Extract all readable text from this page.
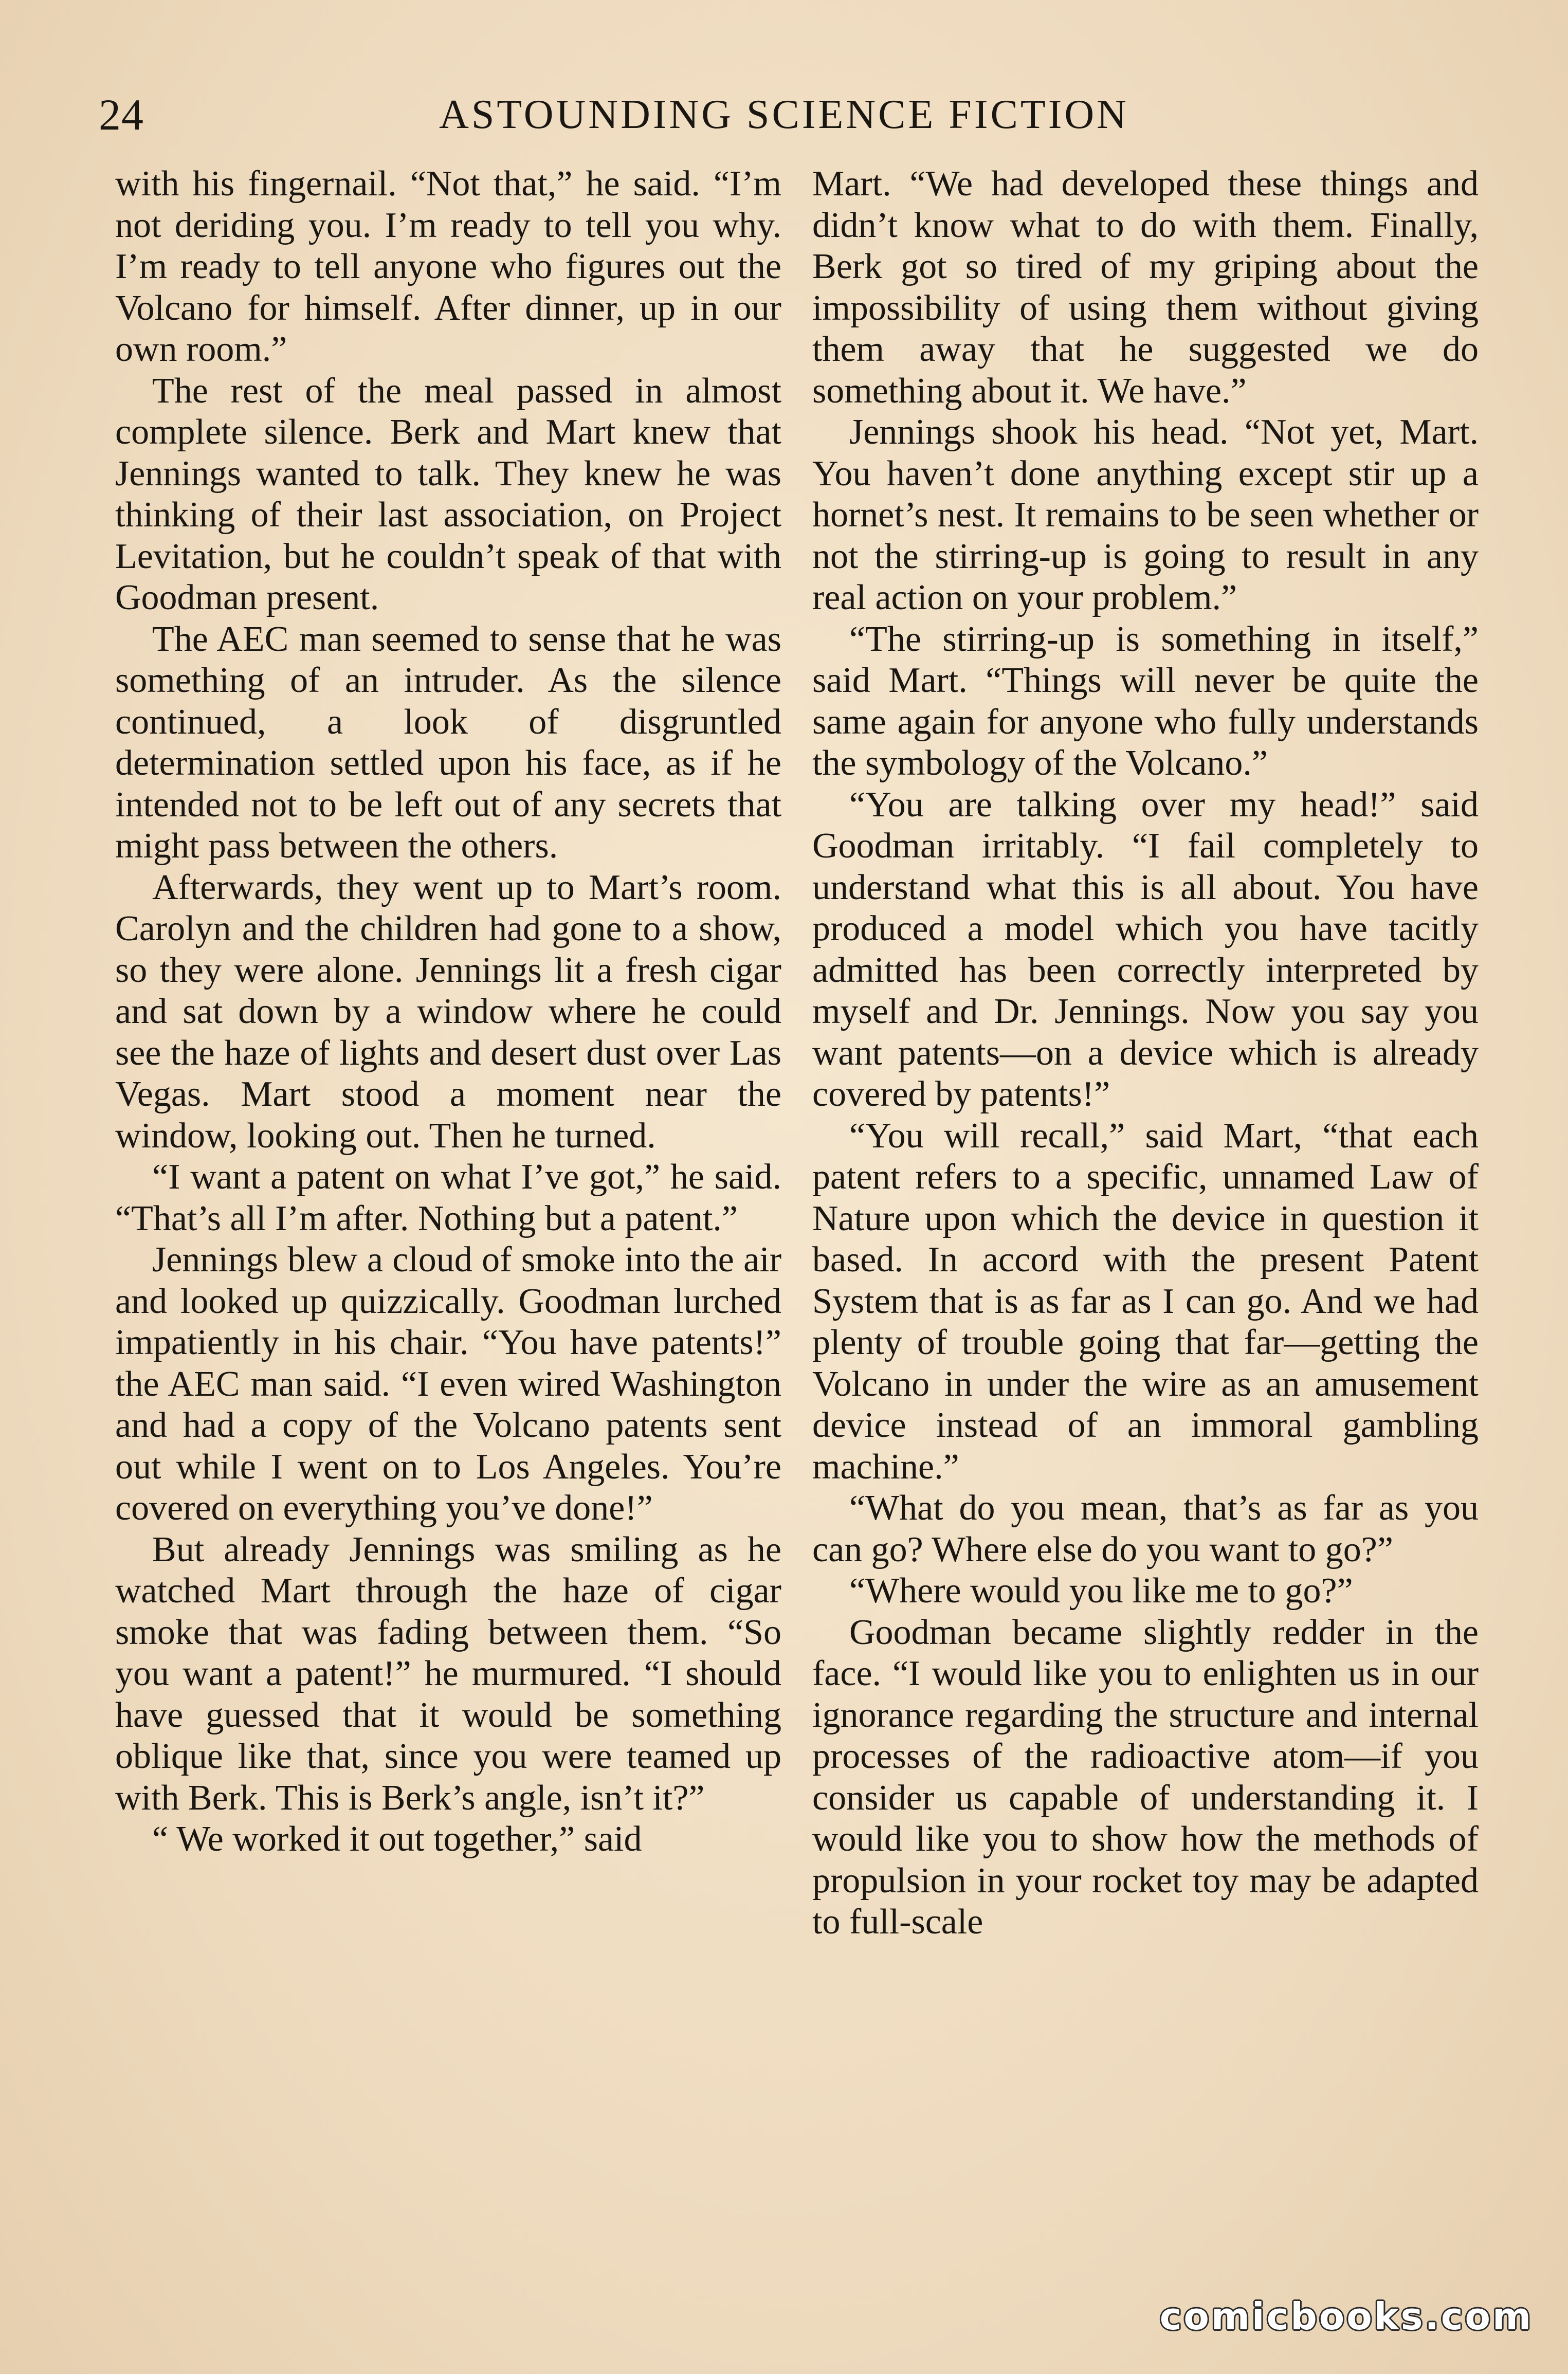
24	ASTOUNDING SCIENCE FICTION

with his fingernail. “Not that,” he said. “I’m not deriding you. I’m ready to tell you why. I’m ready to tell anyone who figures out the Volcano for himself. After dinner, up in our own room.”

The rest of the meal passed in almost complete silence. Berk and Mart knew that Jennings wanted to talk. They knew he was thinking of their last association, on Project Levitation, but he couldn’t speak of that with Goodman present.

The AEC man seemed to sense that he was something of an intruder. As the silence continued, a look of disgruntled determination settled upon his face, as if he intended not to be left out of any secrets that might pass between the others.

Afterwards, they went up to Mart’s room. Carolyn and the children had gone to a show, so they were alone. Jennings lit a fresh cigar and sat down by a window where he could see the haze of lights and desert dust over Las Vegas. Mart stood a moment near the window, looking out. Then he turned.

“I want a patent on what I’ve got,” he said. “That’s all I’m after. Nothing but a patent.”

Jennings blew a cloud of smoke into the air and looked up quizzically. Goodman lurched impatiently in his chair. “You have patents!” the AEC man said. “I even wired Washington and had a copy of the Volcano patents sent out while I went on to Los Angeles. You’re covered on everything you’ve done!”

But already Jennings was smiling as he watched Mart through the haze of cigar smoke that was fading between them. “So you want a patent!” he murmured. “I should have guessed that it would be something oblique like that, since you were teamed up with Berk. This is Berk’s angle, isn’t it?”

“ We worked it out together,” said

Mart. “We had developed these things and didn’t know what to do with them. Finally, Berk got so tired of my griping about the impossibility of using them without giving them away that he suggested we do something about it. We have.”

Jennings shook his head. “Not yet, Mart. You haven’t done anything except stir up a hornet’s nest. It remains to be seen whether or not the stirring-up is going to result in any real action on your problem.”

“The stirring-up is something in itself,” said Mart. “Things will never be quite the same again for anyone who fully understands the symbology of the Volcano.”

“You are talking over my head!” said Goodman irritably. “I fail completely to understand what this is all about. You have produced a model which you have tacitly admitted has been correctly interpreted by myself and Dr. Jennings. Now you say you want patents—on a device which is already covered by patents!”

“You will recall,” said Mart, “that each patent refers to a specific, unnamed Law of Nature upon which the device in question it based. In accord with the present Patent System that is as far as I can go. And we had plenty of trouble going that far—getting the Volcano in under the wire as an amusement device instead of an immoral gambling machine.”

“What do you mean, that’s as far as you can go? Where else do you want to go?”

“Where would you like me to go?”

Goodman became slightly redder in the face. “I would like you to enlighten us in our ignorance regarding the structure and internal processes of the radioactive atom—if you consider us capable of understanding it. I would like you to show how the methods of propulsion in your rocket toy may be adapted to full-scale

comicbooks.com
